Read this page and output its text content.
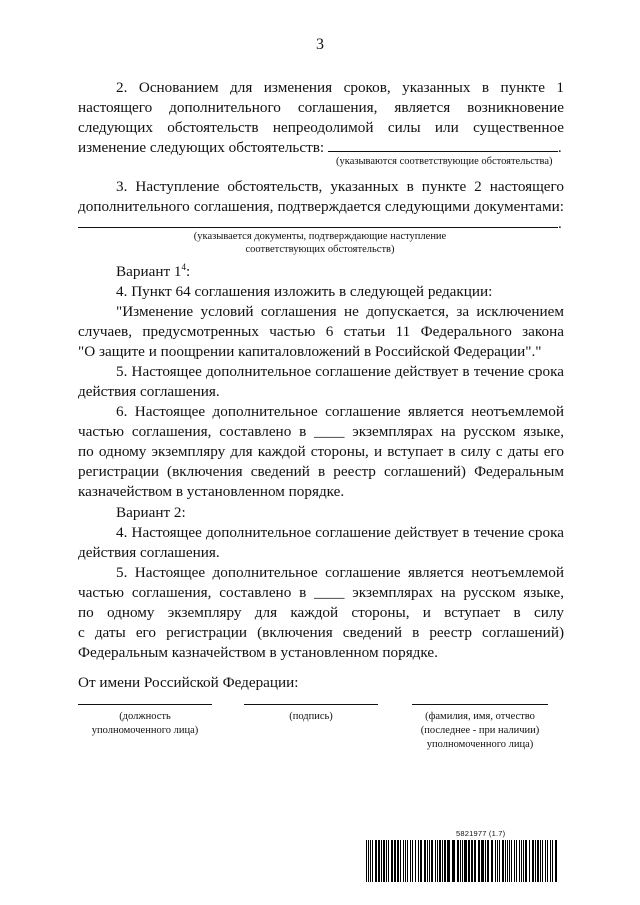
3
2. Основанием для изменения сроков, указанных в пункте 1
настоящего дополнительного соглашения, является возникновение
следующих обстоятельств непреодолимой силы или существенное
изменение следующих обстоятельств:	.
(указываются соответствующие обстоятельства)
3. Наступление обстоятельств, указанных в пункте 2 настоящего
дополнительного соглашения, подтверждается следующими документами:
.
(указывается документы, подтверждающие наступление
соответствующих обстоятельств)
Вариант $1^4$:
4. Пункт 64 соглашения изложить в следующей редакции:
"Изменение условий соглашения не допускается, за исключением
случаев, предусмотренных частью 6 статьи 11 Федерального закона
"О защите и поощрении капиталовложений в Российской Федерации"."
5. Настоящее дополнительное соглашение действует в течение срока
действия соглашения.
6. Настоящее дополнительное соглашение является неотъемлемой
частью соглашения, составлено в ____ экземплярах на русском языке,
по одному экземпляру для каждой стороны, и вступает в силу с даты его
регистрации (включения сведений в реестр соглашений) Федеральным
казначейством в установленном порядке.
Вариант 2:
4. Настоящее дополнительное соглашение действует в течение срока
действия соглашения.
5. Настоящее дополнительное соглашение является неотъемлемой
частью соглашения, составлено в ____ экземплярах на русском языке,
по одному экземпляру для каждой стороны, и вступает в силу
с даты его регистрации (включения сведений в реестр соглашений)
Федеральным казначейством в установленном порядке.
От имени Российской Федерации:
(должность
уполномоченного лица)
(подпись)	(фамилия, имя, отчество
(последнее - при наличии)
уполномоченного лица)
5821977 (1.7)
